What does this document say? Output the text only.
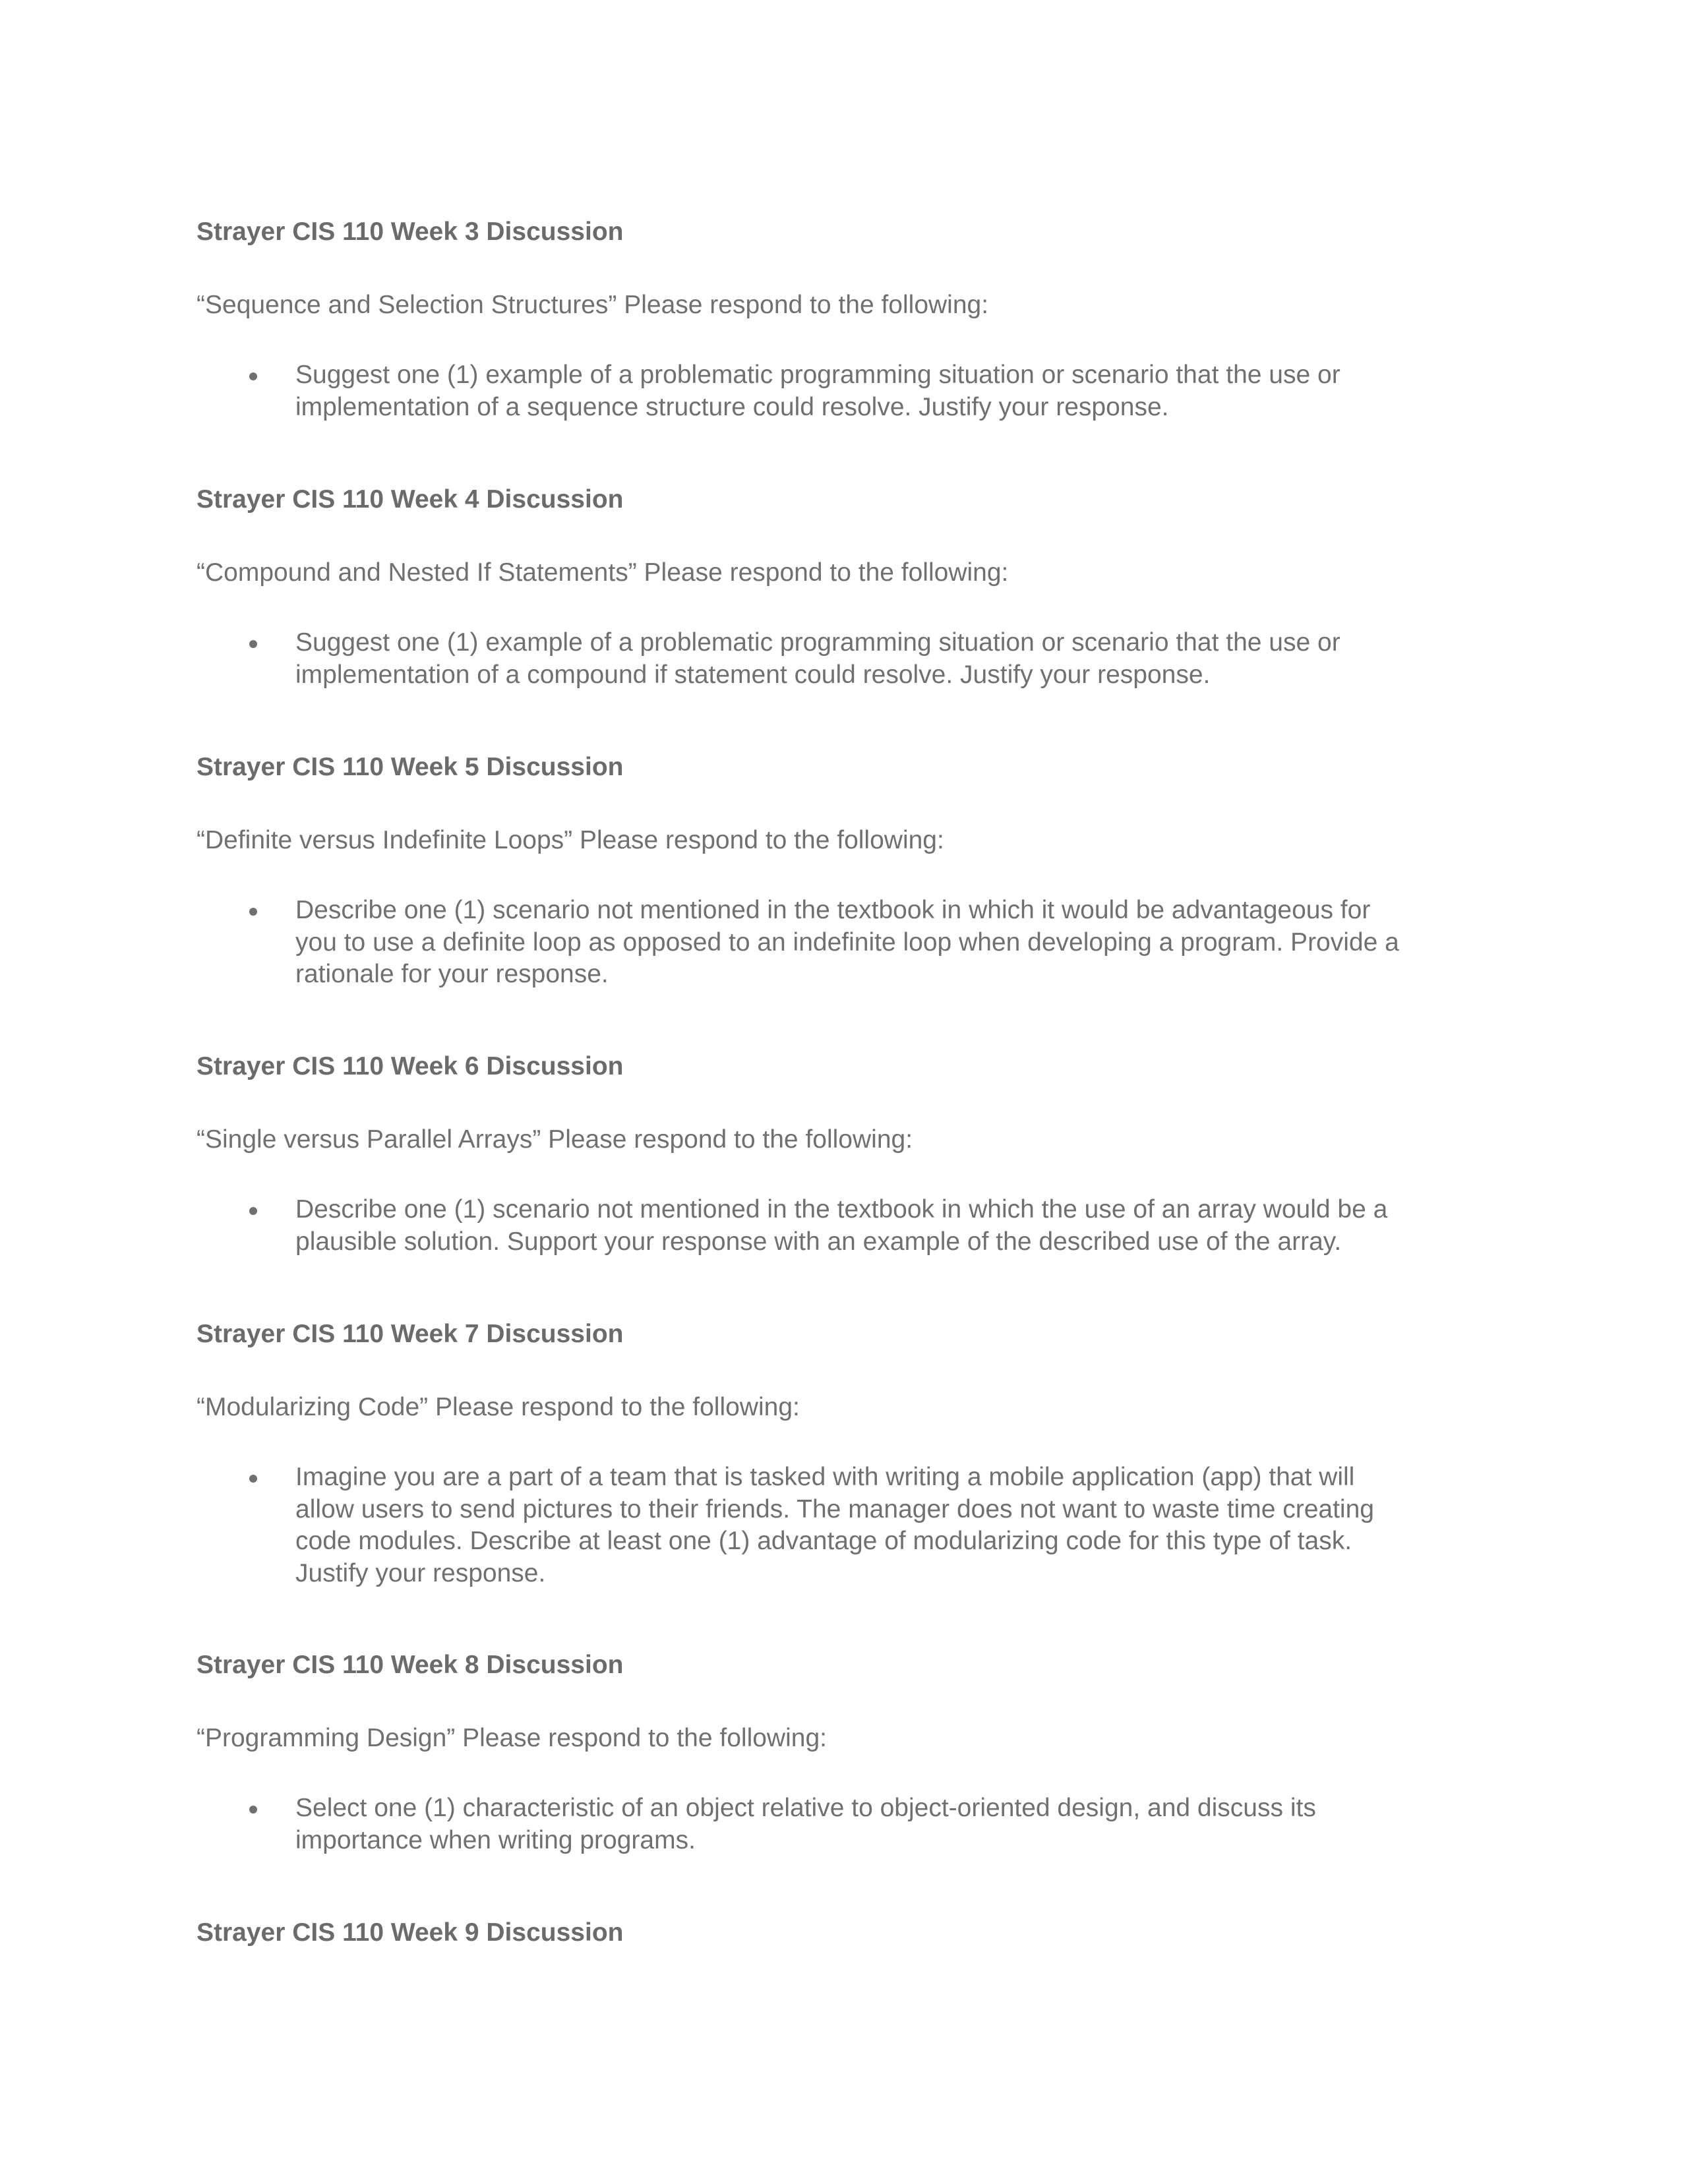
Strayer CIS 110 Week 3 Discussion

“Sequence and Selection Structures” Please respond to the following:

Suggest one (1) example of a problematic programming situation or scenario that the use or
implementation of a sequence structure could resolve. Justify your response.

Strayer CIS 110 Week 4 Discussion

“Compound and Nested If Statements” Please respond to the following:

Suggest one (1) example of a problematic programming situation or scenario that the use or
implementation of a compound if statement could resolve. Justify your response.

Strayer CIS 110 Week 5 Discussion

“Definite versus Indefinite Loops” Please respond to the following:

Describe one (1) scenario not mentioned in the textbook in which it would be advantageous for
you to use a definite loop as opposed to an indefinite loop when developing a program. Provide a
rationale for your response.

Strayer CIS 110 Week 6 Discussion

“Single versus Parallel Arrays” Please respond to the following:

Describe one (1) scenario not mentioned in the textbook in which the use of an array would be a
plausible solution. Support your response with an example of the described use of the array.

Strayer CIS 110 Week 7 Discussion

“Modularizing Code” Please respond to the following:

Imagine you are a part of a team that is tasked with writing a mobile application (app) that will
allow users to send pictures to their friends. The manager does not want to waste time creating
code modules. Describe at least one (1) advantage of modularizing code for this type of task.
Justify your response.

Strayer CIS 110 Week 8 Discussion

“Programming Design” Please respond to the following:

Select one (1) characteristic of an object relative to object-oriented design, and discuss its
importance when writing programs.

Strayer CIS 110 Week 9 Discussion
